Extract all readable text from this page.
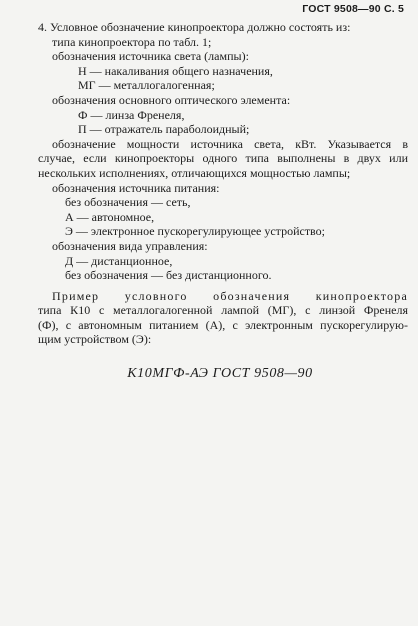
ГОСТ 9508—90 С. 5
4. Условное обозначение кинопроектора должно состоять из:
типа кинопроектора по табл. 1;
обозначения источника света (лампы):
Н — накаливания общего назначения,
МГ — металлогалогенная;
обозначения основного оптического элемента:
Ф — линза Френеля,
П — отражатель параболоидный;
обозначение мощности источника света, кВт. Указывается в
случае, если кинопроекторы одного типа выполнены в двух или
нескольких исполнениях, отличающихся мощностью лампы;
обозначения источника питания:
без обозначения — сеть,
А — автономное,
Э — электронное пускорегулирующее устройство;
обозначения вида управления:
Д — дистанционное,
без обозначения — без дистанционного.
Пример условного обозначения кинопроектора
типа К10 с металлогалогенной лампой (МГ), с линзой Френеля
(Ф), с автономным питанием (А), с электронным пускорегулирую-
щим устройством (Э):
К10МГФ-АЭ ГОСТ 9508—90
